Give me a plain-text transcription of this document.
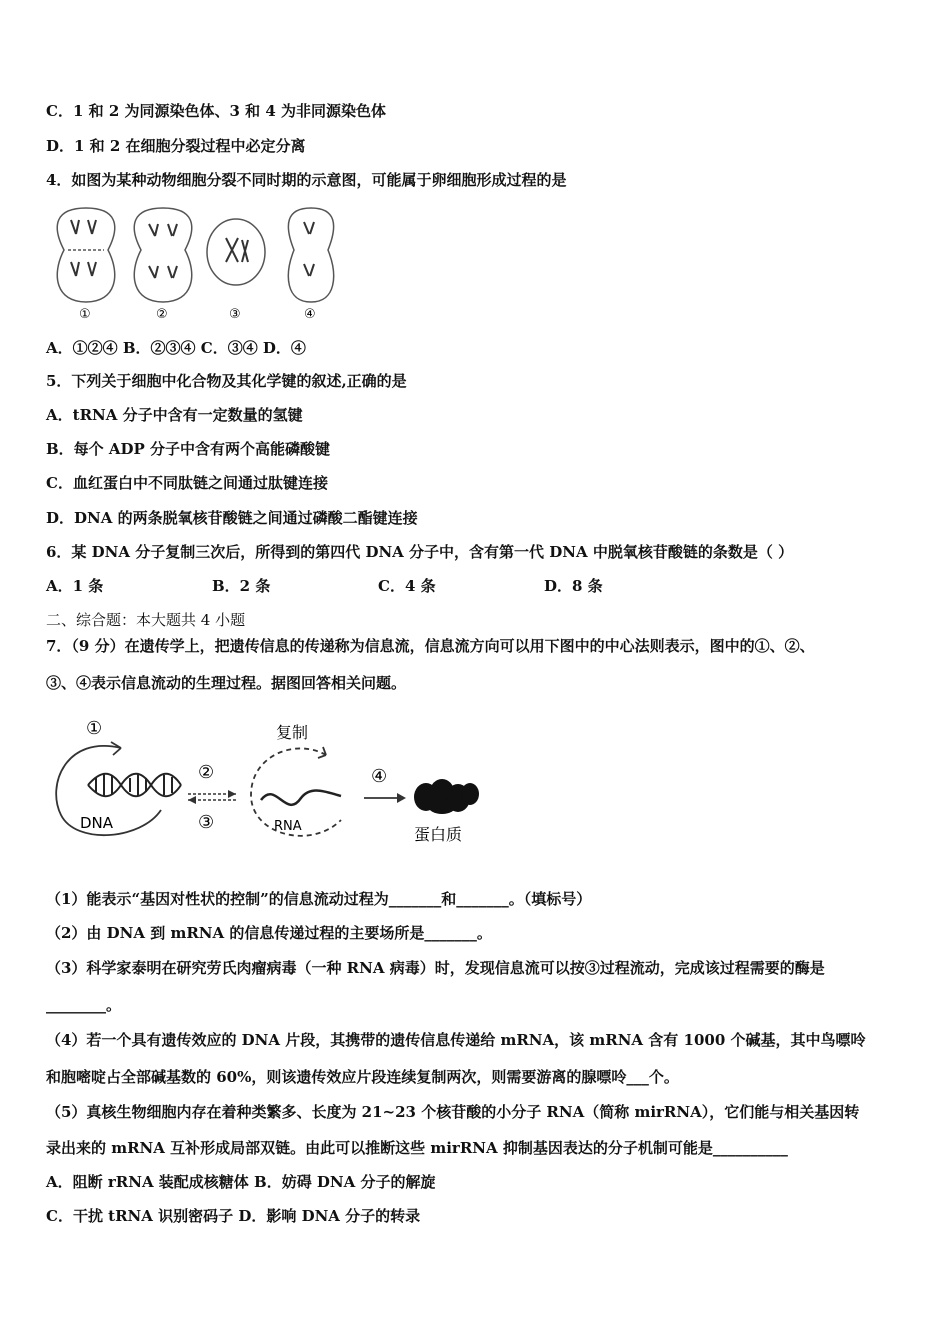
C．1 和 2 为同源染色体、3 和 4 为非同源染色体
D．1 和 2 在细胞分裂过程中必定分离
4．如图为某种动物细胞分裂不同时期的示意图，可能属于卵细胞形成过程的是
①	②	③	④
A．①②④ B．②③④ C．③④ D．④
5．下列关于细胞中化合物及其化学键的叙述,正确的是
A．tRNA 分子中含有一定数量的氢键
B．每个 ADP 分子中含有两个高能磷酸键
C．血红蛋白中不同肽链之间通过肽键连接
D．DNA 的两条脱氧核苷酸链之间通过磷酸二酯键连接
6．某 DNA 分子复制三次后，所得到的第四代 DNA 分子中，含有第一代 DNA 中脱氧核苷酸链的条数是（ ）
A．1 条	B．2 条	C．4 条	D．8 条
二、综合题：本大题共 4 小题
7．（9 分）在遗传学上，把遗传信息的传递称为信息流，信息流方向可以用下图中的中心法则表示，图中的①、②、
③、④表示信息流动的生理过程。据图回答相关问题。
①
DNA
②
③
复制
RNA
④
蛋白质
（1）能表示“基因对性状的控制”的信息流动过程为_______和_______。（填标号）
（2）由 DNA 到 mRNA 的信息传递过程的主要场所是_______。
（3）科学家泰明在研究劳氏肉瘤病毒（一种 RNA 病毒）时，发现信息流可以按③过程流动，完成该过程需要的酶是
________。
（4）若一个具有遗传效应的 DNA 片段，其携带的遗传信息传递给 mRNA，该 mRNA 含有 1000 个碱基，其中鸟嘌呤
和胞嘧啶占全部碱基数的 60%，则该遗传效应片段连续复制两次，则需要游离的腺嘌呤___个。
（5）真核生物细胞内存在着种类繁多、长度为 21~23 个核苷酸的小分子 RNA（简称 mirRNA），它们能与相关基因转
录出来的 mRNA 互补形成局部双链。由此可以推断这些 mirRNA 抑制基因表达的分子机制可能是__________
A．阻断 rRNA 装配成核糖体 B．妨碍 DNA 分子的解旋
C．干扰 tRNA 识别密码子 D．影响 DNA 分子的转录
